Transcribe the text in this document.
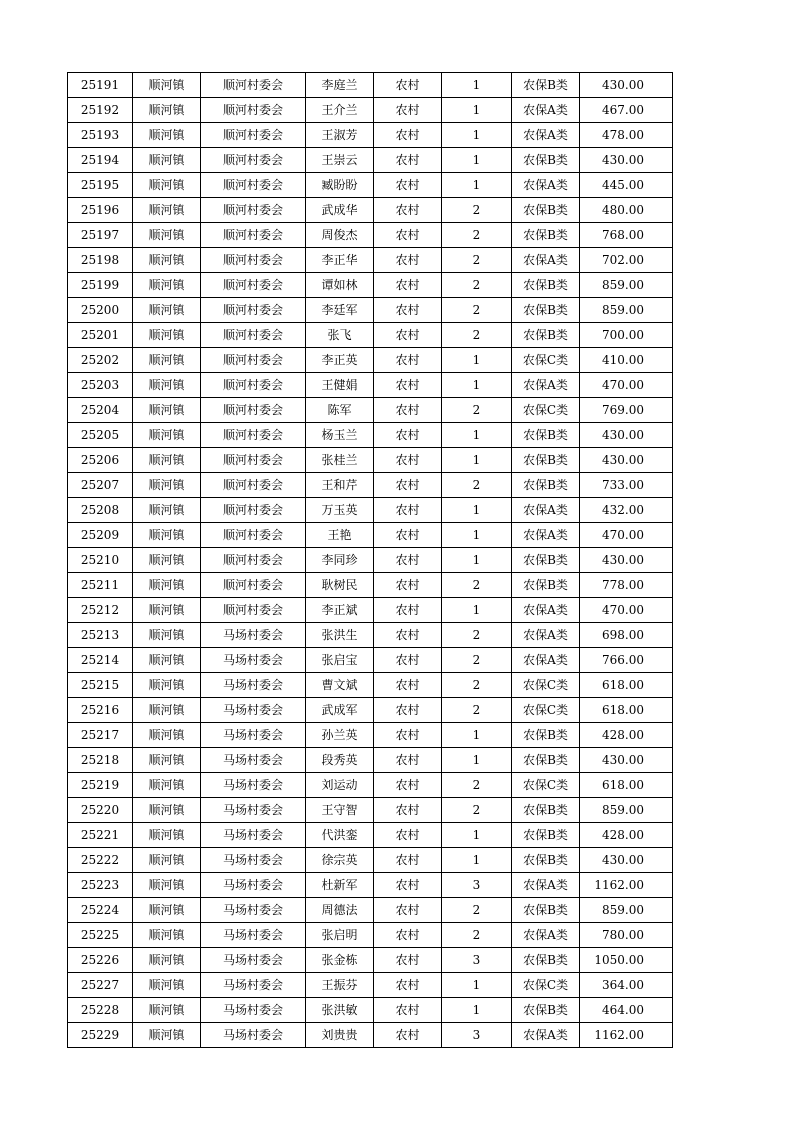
25191	顺河镇	顺河村委会	李庭兰	农村	1	农保B类	430.00
25192	顺河镇	顺河村委会	王介兰	农村	1	农保A类	467.00
25193	顺河镇	顺河村委会	王淑芳	农村	1	农保A类	478.00
25194	顺河镇	顺河村委会	王崇云	农村	1	农保B类	430.00
25195	顺河镇	顺河村委会	臧盼盼	农村	1	农保A类	445.00
25196	顺河镇	顺河村委会	武成华	农村	2	农保B类	480.00
25197	顺河镇	顺河村委会	周俊杰	农村	2	农保B类	768.00
25198	顺河镇	顺河村委会	李正华	农村	2	农保A类	702.00
25199	顺河镇	顺河村委会	谭如林	农村	2	农保B类	859.00
25200	顺河镇	顺河村委会	李廷军	农村	2	农保B类	859.00
25201	顺河镇	顺河村委会	张飞	农村	2	农保B类	700.00
25202	顺河镇	顺河村委会	李正英	农村	1	农保C类	410.00
25203	顺河镇	顺河村委会	王健娟	农村	1	农保A类	470.00
25204	顺河镇	顺河村委会	陈军	农村	2	农保C类	769.00
25205	顺河镇	顺河村委会	杨玉兰	农村	1	农保B类	430.00
25206	顺河镇	顺河村委会	张桂兰	农村	1	农保B类	430.00
25207	顺河镇	顺河村委会	王和芹	农村	2	农保B类	733.00
25208	顺河镇	顺河村委会	万玉英	农村	1	农保A类	432.00
25209	顺河镇	顺河村委会	王艳	农村	1	农保A类	470.00
25210	顺河镇	顺河村委会	李同珍	农村	1	农保B类	430.00
25211	顺河镇	顺河村委会	耿树民	农村	2	农保B类	778.00
25212	顺河镇	顺河村委会	李正斌	农村	1	农保A类	470.00
25213	顺河镇	马场村委会	张洪生	农村	2	农保A类	698.00
25214	顺河镇	马场村委会	张启宝	农村	2	农保A类	766.00
25215	顺河镇	马场村委会	曹文斌	农村	2	农保C类	618.00
25216	顺河镇	马场村委会	武成军	农村	2	农保C类	618.00
25217	顺河镇	马场村委会	孙兰英	农村	1	农保B类	428.00
25218	顺河镇	马场村委会	段秀英	农村	1	农保B类	430.00
25219	顺河镇	马场村委会	刘运动	农村	2	农保C类	618.00
25220	顺河镇	马场村委会	王守智	农村	2	农保B类	859.00
25221	顺河镇	马场村委会	代洪銮	农村	1	农保B类	428.00
25222	顺河镇	马场村委会	徐宗英	农村	1	农保B类	430.00
25223	顺河镇	马场村委会	杜新军	农村	3	农保A类	1162.00
25224	顺河镇	马场村委会	周德法	农村	2	农保B类	859.00
25225	顺河镇	马场村委会	张启明	农村	2	农保A类	780.00
25226	顺河镇	马场村委会	张金栋	农村	3	农保B类	1050.00
25227	顺河镇	马场村委会	王振芬	农村	1	农保C类	364.00
25228	顺河镇	马场村委会	张洪敏	农村	1	农保B类	464.00
25229	顺河镇	马场村委会	刘贵贵	农村	3	农保A类	1162.00
